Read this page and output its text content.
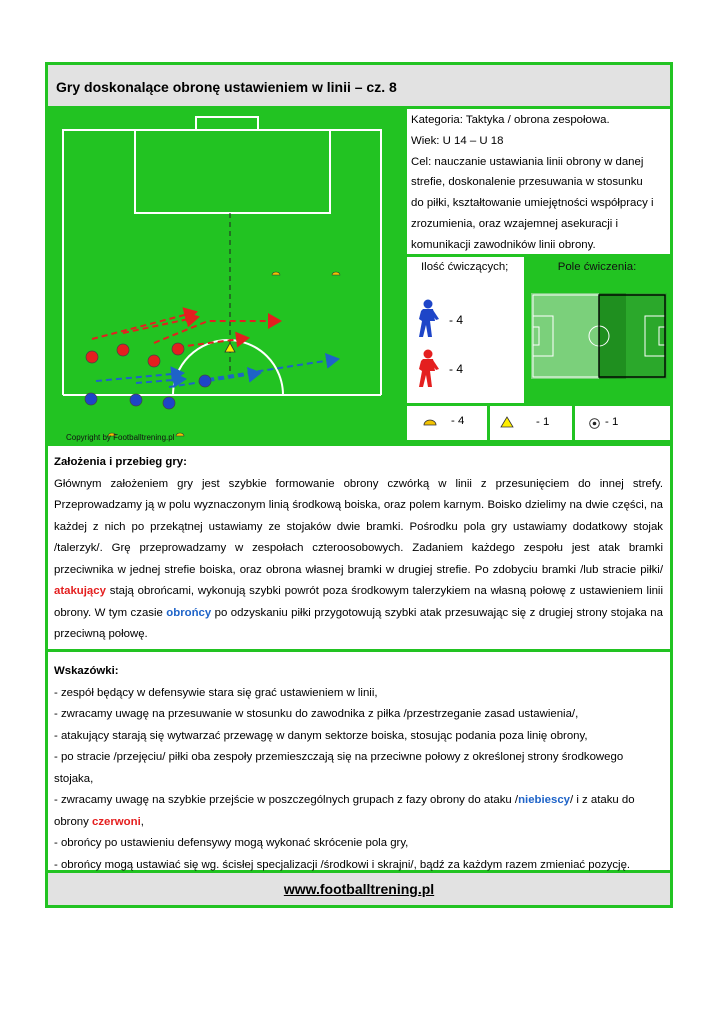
Gry doskonalące obronę ustawieniem w linii – cz. 8
Copyright by Footballtrening.pl

Kategoria: Taktyka / obrona zespołowa.

Wiek: U 14 – U 18

Cel: nauczanie ustawiania linii obrony w danej

strefie, doskonalenie przesuwania w stosunku

do piłki, kształtowanie umiejętności współpracy i

zrozumienia, oraz wzajemnej asekuracji i

komunikacji zawodników linii obrony.

Ilość ćwiczących;
- 4
- 4
Pole ćwiczenia:
- 4	- 1	- 1

Założenia i przebieg gry:

Głównym założeniem gry jest szybkie formowanie obrony czwórką w linii z przesunięciem do innej strefy. Przeprowadzamy ją w polu wyznaczonym linią środkową boiska, oraz polem karnym. Boisko dzielimy na dwie części, na każdej z nich po przekątnej ustawiamy ze stojaków dwie bramki. Pośrodku pola gry ustawiamy dodatkowy stojak /talerzyk/. Grę przeprowadzamy w zespołach czteroosobowych. Zadaniem każdego zespołu jest atak bramki przeciwnika w jednej strefie boiska, oraz obrona własnej bramki w drugiej strefie. Po zdobyciu bramki /lub stracie piłki/ atakujący stają obrońcami, wykonują szybki powrót poza środkowym talerzykiem na własną połowę z ustawieniem linii obrony. W tym czasie obrońcy po odzyskaniu piłki przygotowują szybki atak przesuwając się z drugiej strony stojaka na przeciwną połowę.

Wskazówki:

- zespół będący w defensywie stara się grać ustawieniem w linii,

- zwracamy uwagę na przesuwanie w stosunku do zawodnika z piłka /przestrzeganie zasad ustawienia/,

- atakujący starają się wytwarzać przewagę w danym sektorze boiska, stosując podania poza linię obrony,

- po stracie /przejęciu/ piłki oba zespoły przemieszczają się na przeciwne połowy z określonej strony środkowego stojaka,

- zwracamy uwagę na szybkie przejście w poszczególnych grupach z fazy obrony do ataku /niebiescy/ i z ataku do obrony czerwoni,

- obrońcy po ustawieniu defensywy mogą wykonać skrócenie pola gry,

- obrońcy mogą ustawiać się wg. ścisłej specjalizacji /środkowi i skrajni/, bądź za każdym razem zmieniać pozycję.

www.footballtrening.pl
